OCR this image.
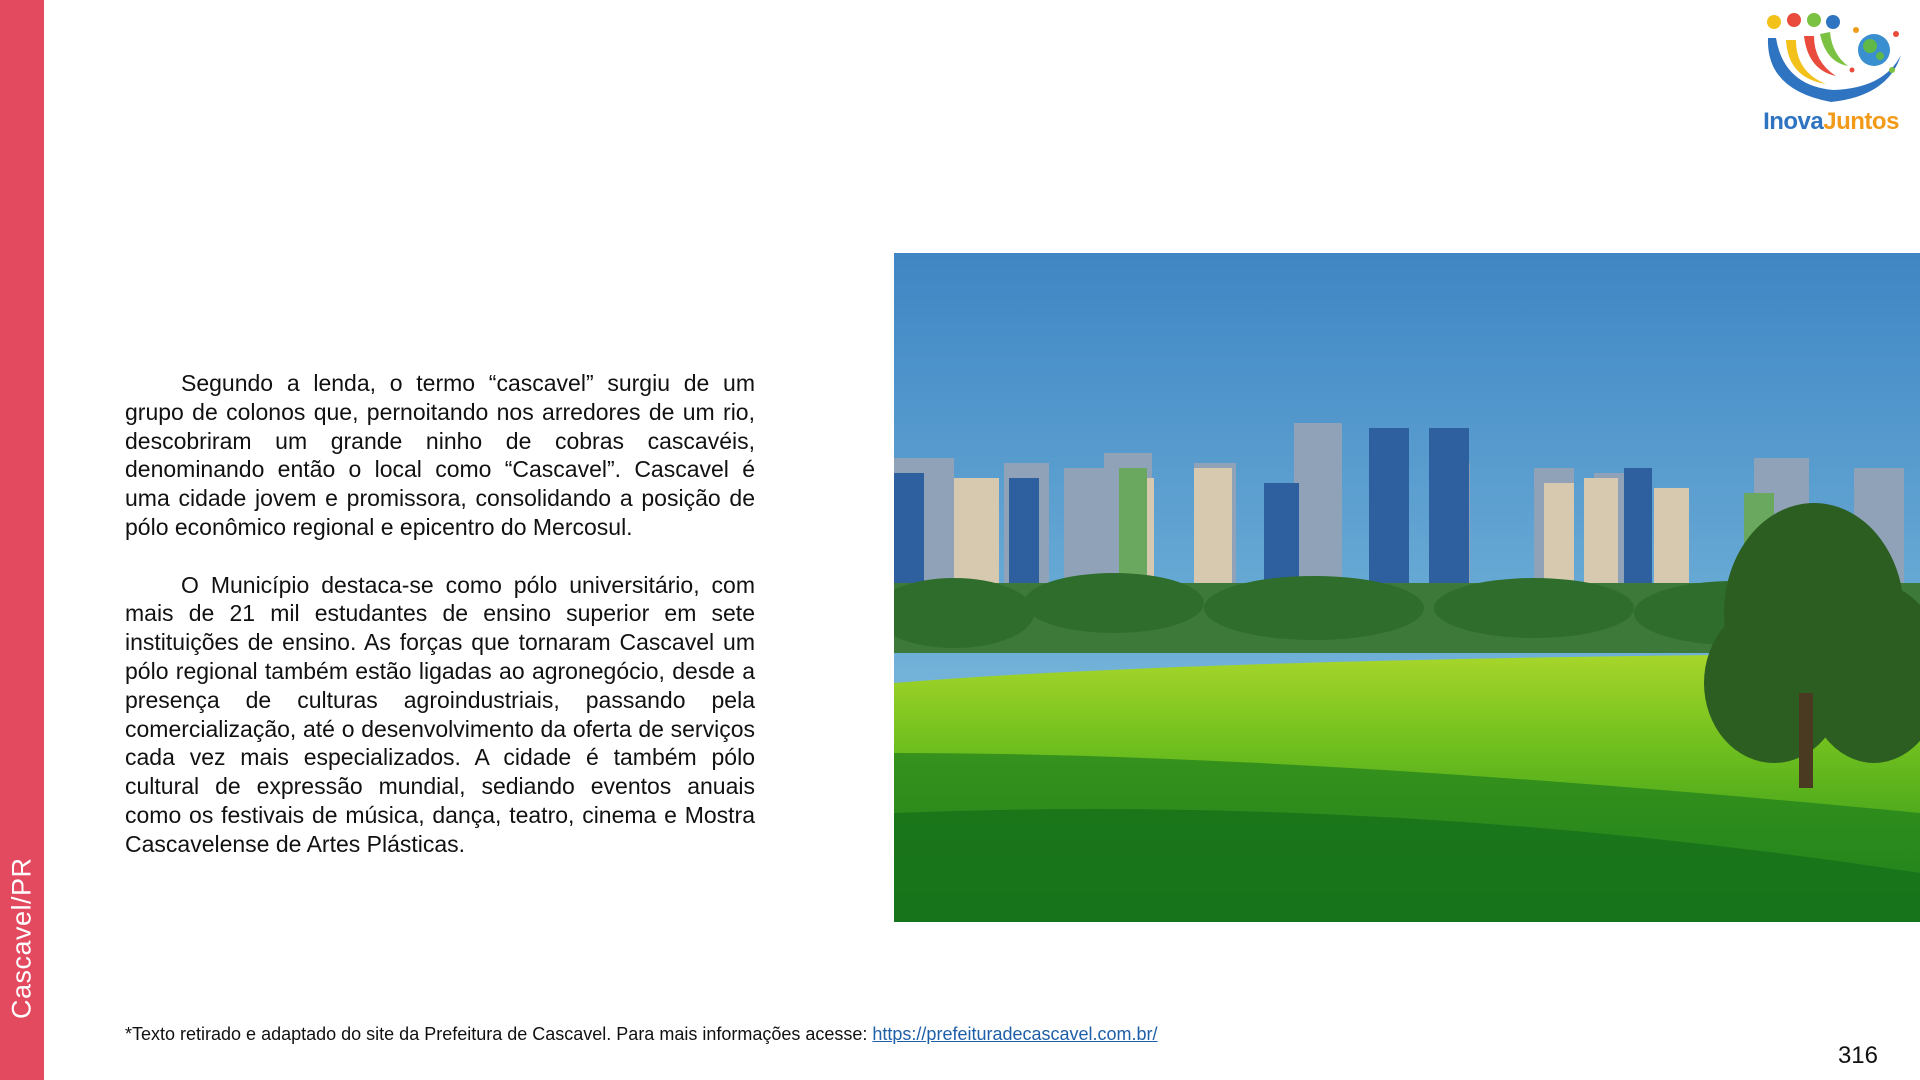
Cascavel/PR
InovaJuntos

Segundo a lenda, o termo “cascavel” surgiu de um grupo de colonos que, pernoitando nos arredores de um rio, descobriram um grande ninho de cobras cascavéis, denominando então o local como “Cascavel”. Cascavel é uma cidade jovem e promissora, consolidando a posição de pólo econômico regional e epicentro do Mercosul.

O Município destaca-se como pólo universitário, com mais de 21 mil estudantes de ensino superior em sete instituições de ensino. As forças que tornaram Cascavel um pólo regional também estão ligadas ao agronegócio, desde a presença de culturas agroindustriais, passando pela comercialização, até o desenvolvimento da oferta de serviços cada vez mais especializados. A cidade é também pólo cultural de expressão mundial, sediando eventos anuais como os festivais de música, dança, teatro, cinema e Mostra Cascavelense de Artes Plásticas.

*Texto retirado e adaptado do site da Prefeitura de Cascavel. Para mais informações acesse: https://prefeituradecascavel.com.br/
316
